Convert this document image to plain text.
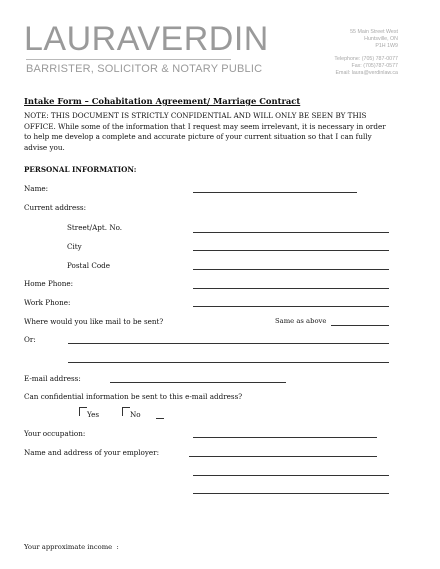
LAURAVERDIN
BARRISTER, SOLICITOR & NOTARY PUBLIC
55 Main Street West
Huntsville, ON
P1H 1W9
Telephone: (705) 787-0077
Fax: (705)787-0577
Email: laura@verdinlaw.ca
Intake Form – Cohabitation Agreement/ Marriage Contract
NOTE: THIS DOCUMENT IS STRICTLY CONFIDENTIAL AND WILL ONLY BE SEEN BY THIS OFFICE. While some of the information that I request may seem irrelevant, it is necessary in order to help me develop a complete and accurate picture of your current situation so that I can fully advise you.
PERSONAL INFORMATION:
Name:
Current address:
Street/Apt. No.
City
Postal Code
Home Phone:
Work Phone:
Where would you like mail to be sent?	Same as above
Or:
E-mail address:
Can confidential information be sent to this e-mail address?
Yes	No
Your occupation:
Name and address of your employer:
Your approximate income  :
